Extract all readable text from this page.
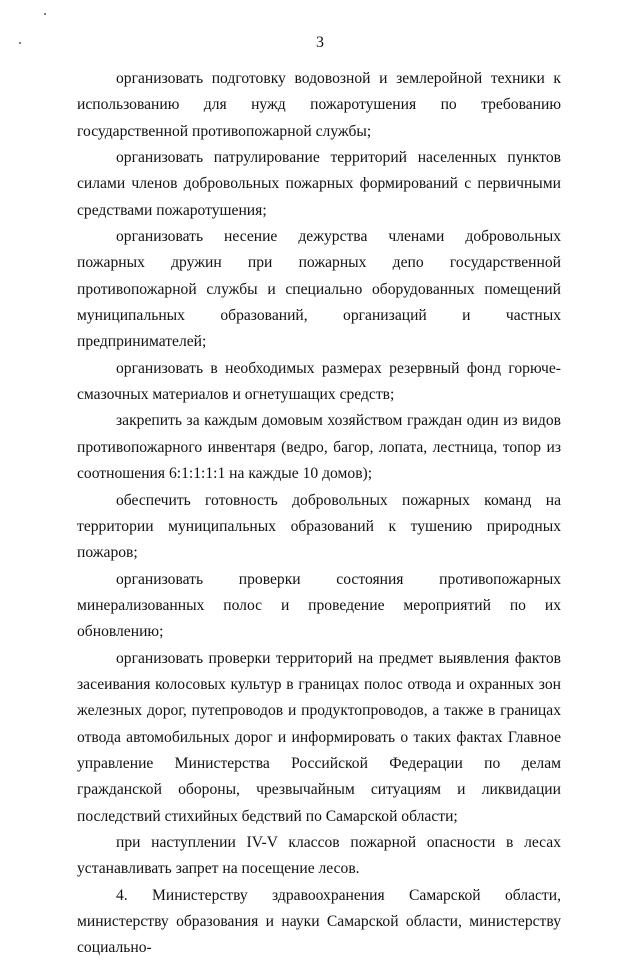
3

организовать подготовку водовозной и землеройной техники к использованию для нужд пожаротушения по требованию государственной противопожарной службы;

организовать патрулирование территорий населенных пунктов силами членов добровольных пожарных формирований с первичными средствами пожаротушения;

организовать несение дежурства членами добровольных пожарных дружин при пожарных депо государственной противопожарной службы и специально оборудованных помещений муниципальных образований, организаций и частных предпринимателей;

организовать в необходимых размерах резервный фонд горюче-смазочных материалов и огнетушащих средств;

закрепить за каждым домовым хозяйством граждан один из видов противопожарного инвентаря (ведро, багор, лопата, лестница, топор из соотношения 6:1:1:1:1 на каждые 10 домов);

обеспечить готовность добровольных пожарных команд на территории муниципальных образований к тушению природных пожаров;

организовать проверки состояния противопожарных минерализованных полос и проведение мероприятий по их обновлению;

организовать проверки территорий на предмет выявления фактов засеивания колосовых культур в границах полос отвода и охранных зон железных дорог, путепроводов и продуктопроводов, а также в границах отвода автомобильных дорог и информировать о таких фактах Главное управление Министерства Российской Федерации по делам гражданской обороны, чрезвычайным ситуациям и ликвидации последствий стихийных бедствий по Самарской области;

при наступлении IV-V классов пожарной опасности в лесах устанавливать запрет на посещение лесов.

4. Министерству здравоохранения Самарской области, министерству образования и науки Самарской области, министерству социально-
